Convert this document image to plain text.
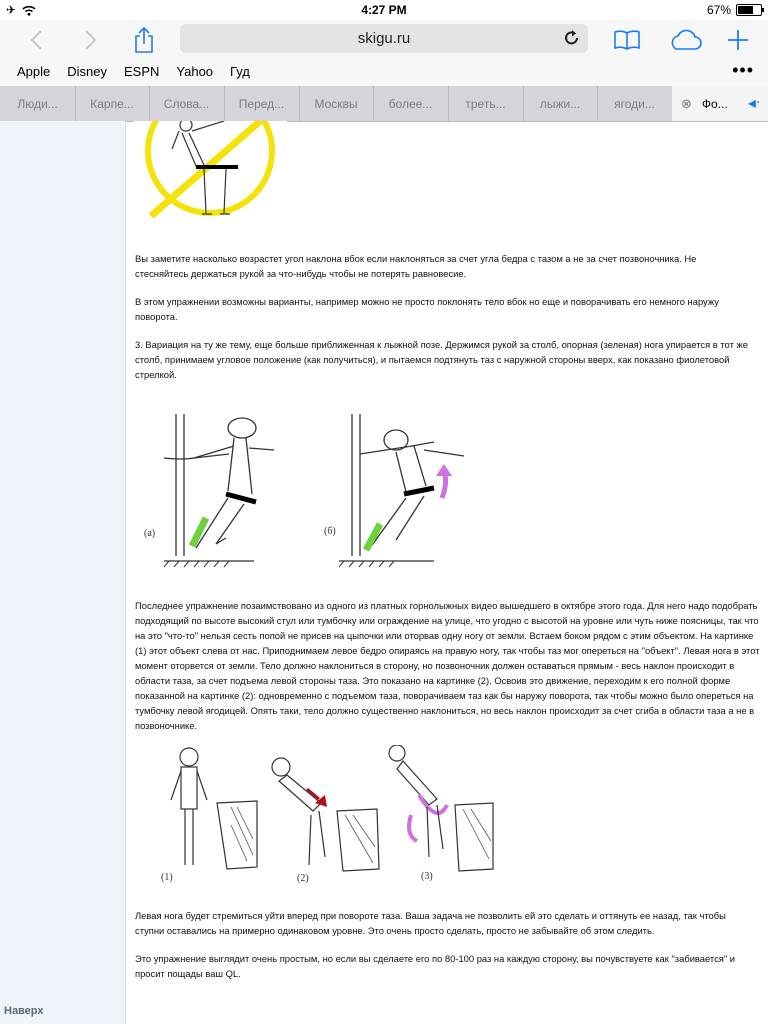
✈	4:27 PM	67%
skigu.ru
Apple Disney ESPN Yahoo Гуд	•••
Люди...	Карпе...	Слова...	Перед...	Москвы	более...	треть...	лыжи...	ягоди...	⊗ Фо... ◂ᐧ
Наверх

Вы заметите насколько возрастет угол наклона вбок если наклоняться за счет угла бедра с тазом а не за счет позвоночника. Не стесняйтесь держаться рукой за что-нибудь чтобы не потерять равновесие.

В этом упражнении возможны варианты, например можно не просто поклонять тело вбок но еще и поворачивать его немного наружу поворота.

3. Вариация на ту же тему, еще больше приближенная к лыжной позе. Держимся рукой за столб, опорная (зеленая) нога упирается в тот же столб, принимаем угловое положение (как получиться), и пытаемся подтянуть таз с наружной стороны вверх, как показано фиолетовой стрелкой.

(a)	(б)

Последнее упражнение позаимствовано из одного из платных горнолыжных видео вышедшего в октябре этого года. Для него надо подобрать подходящий по высоте высокий стул или тумбочку или ограждение на улице, что угодно с высотой на уровне или чуть ниже поясницы, так что на это "что-то" нельзя сесть попой не присев на цыпочки или оторвав одну ногу от земли. Встаем боком рядом с этим объектом. На картинке (1) этот объект слева от нас. Приподнимаем левое бедро опираясь на правую ногу, так чтобы таз мог опереться на "объект". Левая нога в этот момент оторвется от земли. Тело должно наклониться в сторону, но позвоночник должен оставаться прямым - весь наклон происходит в области таза, за счет подъема левой стороны таза. Это показано на картинке (2). Освоив это движение, переходим к его полной форме показанной на картинке (2): одновременно с подъемом таза, поворачиваем таз как бы наружу поворота, так чтобы можно было опереться на тумбочку левой ягодицей. Опять таки, тело должно существенно наклониться, но весь наклон происходит за счет сгиба в области таза а не в позвоночнике.

(1)	(2)	(3)

Левая нога будет стремиться уйти вперед при повороте таза. Ваша задача не позволить ей это сделать и оттянуть ее назад, так чтобы ступни оставались на примерно одинаковом уровне. Это очень просто сделать, просто не забывайте об этом следить.

Это упражнение выглядит очень простым, но если вы сделаете его по 80-100 раз на каждую сторону, вы почувствуете как "забивается" и просит пощады ваш QL.
